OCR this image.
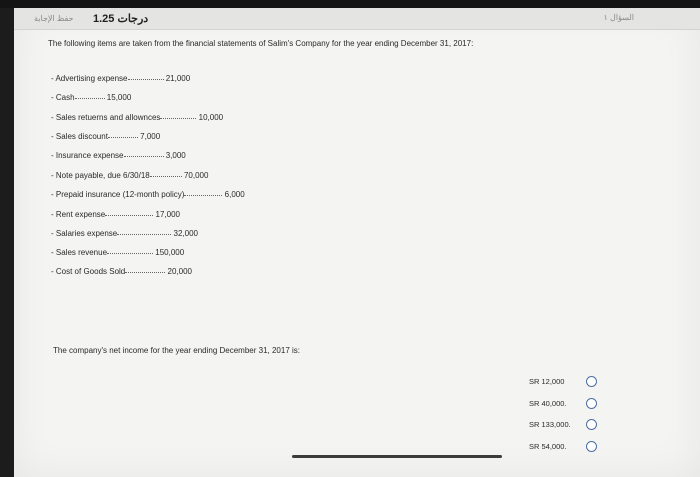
حفظ الإجابة 1.25 درجات	السؤال ١
The following items are taken from the financial statements of Salim's Company for the year ending December 31, 2017:
- Advertising expense	21,000
- Cash	15,000
- Sales retuerns and allownces	10,000
- Sales discount	7,000
- Insurance expense	3,000
- Note payable, due 6/30/18	70,000
- Prepaid insurance (12-month policy)	6,000
- Rent expense	17,000
- Salaries expense	32,000
- Sales revenue	150,000
- Cost of Goods Sold	20,000
The company's net income for the year ending December 31, 2017 is:
SR 12,000
SR 40,000.
SR 133,000.
SR 54,000.
